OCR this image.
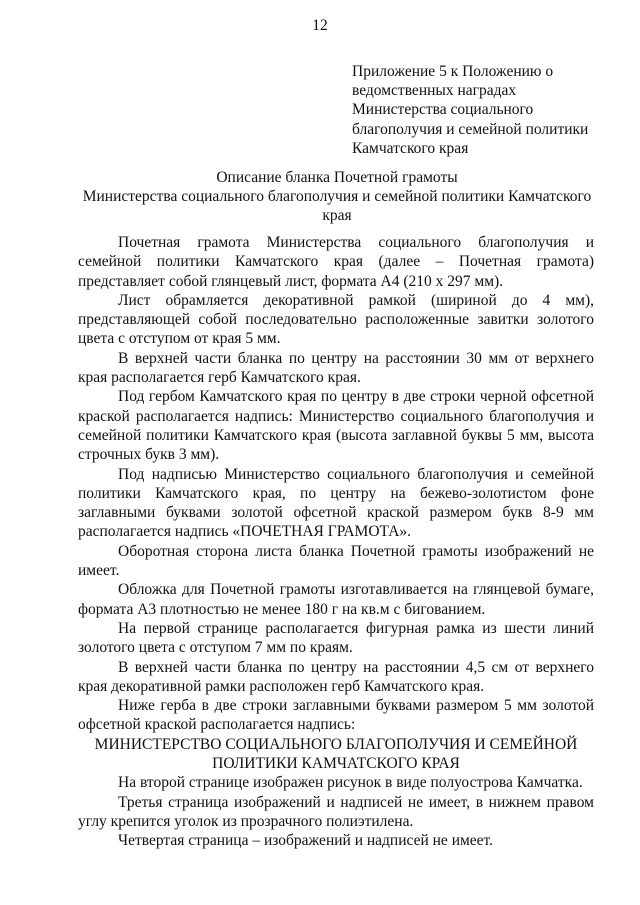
12
Приложение 5 к Положению о
ведомственных наградах
Министерства социального
благополучия и семейной политики
Камчатского края
Описание бланка Почетной грамоты
Министерства социального благополучия и семейной политики Камчатского
края

Почетная грамота Министерства социального благополучия и семейной политики Камчатского края (далее – Почетная грамота) представляет собой глянцевый лист, формата А4 (210 х 297 мм).

Лист обрамляется декоративной рамкой (шириной до 4 мм), представляющей собой последовательно расположенные завитки золотого цвета с отступом от края 5 мм.

В верхней части бланка по центру на расстоянии 30 мм от верхнего края располагается герб Камчатского края.

Под гербом Камчатского края по центру в две строки черной офсетной краской располагается надпись: Министерство социального благополучия и семейной политики Камчатского края (высота заглавной буквы 5 мм, высота строчных букв 3 мм).

Под надписью Министерство социального благополучия и семейной политики Камчатского края, по центру на бежево-золотистом фоне заглавными буквами золотой офсетной краской размером букв 8-9 мм располагается надпись «ПОЧЕТНАЯ ГРАМОТА».

Оборотная сторона листа бланка Почетной грамоты изображений не имеет.

Обложка для Почетной грамоты изготавливается на глянцевой бумаге, формата А3 плотностью не менее 180 г на кв.м с бигованием.

На первой странице располагается фигурная рамка из шести линий золотого цвета с отступом 7 мм по краям.

В верхней части бланка по центру на расстоянии 4,5 см от верхнего края декоративной рамки расположен герб Камчатского края.

Ниже герба в две строки заглавными буквами размером 5 мм золотой офсетной краской располагается надпись:

МИНИСТЕРСТВО СОЦИАЛЬНОГО БЛАГОПОЛУЧИЯ И СЕМЕЙНОЙ

ПОЛИТИКИ КАМЧАТСКОГО КРАЯ

На второй странице изображен рисунок в виде полуострова Камчатка.

Третья страница изображений и надписей не имеет, в нижнем правом углу крепится уголок из прозрачного полиэтилена.

Четвертая страница – изображений и надписей не имеет.
